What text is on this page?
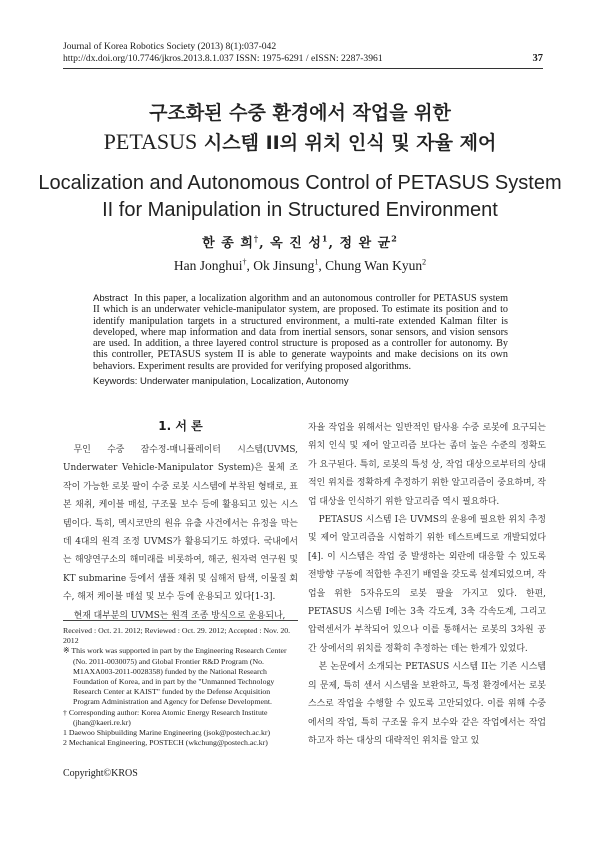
Journal of Korea Robotics Society (2013) 8(1):037-042
http://dx.doi.org/10.7746/jkros.2013.8.1.037 ISSN: 1975-6291 / eISSN: 2287-3961	37
구조화된 수중 환경에서 작업을 위한
PETASUS 시스템 II의 위치 인식 및 자율 제어
Localization and Autonomous Control of PETASUS System
II for Manipulation in Structured Environment
한 종 희†, 옥 진 성$^1$, 정 완 균$^2$
Han Jonghui†, Ok Jinsung$^1$, Chung Wan Kyun$^2$
Abstract In this paper, a localization algorithm and an autonomous controller for PETASUS system II which is an underwater vehicle-manipulator system, are proposed. To estimate its position and to identify manipulation targets in a structured environment, a multi-rate extended Kalman filter is developed, where map information and data from inertial sensors, sonar sensors, and vision sensors are used. In addition, a three layered control structure is proposed as a controller for autonomy. By this controller, PETASUS system II is able to generate waypoints and make decisions on its own behaviors. Experiment results are provided for verifying proposed algorithms.
Keywords: Underwater manipulation, Localization, Autonomy
1. 서 론

무인 수중 잠수정-매니퓰레이터 시스템(UVMS, Underwater Vehicle-Manipulator System)은 물체 조작이 가능한 로봇 팔이 수중 로봇 시스템에 부착된 형태로, 표본 채취, 케이블 매설, 구조물 보수 등에 활용되고 있는 시스템이다. 특히, 멕시코만의 원유 유출 사건에서는 유정을 막는데 4대의 원격 조정 UVMS가 활용되기도 하였다. 국내에서는 해양연구소의 해미래를 비롯하여, 해군, 원자력 연구원 및 KT submarine 등에서 샘플 채취 및 심해저 탐색, 이물질 회수, 해저 케이블 매설 및 보수 등에 운용되고 있다[1-3].

현재 대부분의 UVMS는 원격 조종 방식으로 운용되나,

자율 작업을 위해서는 일반적인 탐사용 수중 로봇에 요구되는 위치 인식 및 제어 알고리즘 보다는 좀더 높은 수준의 정확도가 요구된다. 특히, 로봇의 특성 상, 작업 대상으로부터의 상대적인 위치를 정확하게 추정하기 위한 알고리즘이 중요하며, 작업 대상을 인식하기 위한 알고리즘 역시 필요하다.

PETASUS 시스템 I은 UVMS의 운용에 필요한 위치 추정 및 제어 알고리즘을 시험하기 위한 테스트베드로 개발되었다[4]. 이 시스템은 작업 중 발생하는 외란에 대응할 수 있도록 전방향 구동에 적합한 추진기 배열을 갖도록 설계되었으며, 작업을 위한 5자유도의 로봇 팔을 가지고 있다. 한편, PETASUS 시스템 I에는 3축 각도계, 3축 각속도계, 그리고 압력센서가 부착되어 있으나 이를 통해서는 로봇의 3차원 공간 상에서의 위치를 정확히 추정하는 데는 한계가 있었다.

본 논문에서 소개되는 PETASUS 시스템 II는 기존 시스템의 문제, 특히 센서 시스템을 보완하고, 특정 환경에서는 로봇 스스로 작업을 수행할 수 있도록 고안되었다. 이를 위해 수중에서의 작업, 특히 구조물 유지 보수와 같은 작업에서는 작업하고자 하는 대상의 대략적인 위치를 알고 있

Received : Oct. 21. 2012; Reviewed : Oct. 29. 2012; Accepted : Nov. 20. 2012
※ This work was supported in part by the Engineering Research Center (No. 2011-0030075) and Global Frontier R&D Program (No. M1AXA003-2011-0028358) funded by the National Research Foundation of Korea, and in part by the "Unmanned Technology Research Center at KAIST" funded by the Defense Acquisition Program Administration and Agency for Defense Development.
† Corresponding author: Korea Atomic Energy Research Institute (jhan@kaeri.re.kr)
1 Daewoo Shipbuilding Marine Engineering (jsok@postech.ac.kr)
2 Mechanical Engineering, POSTECH (wkchung@postech.ac.kr)
Copyright©KROS
